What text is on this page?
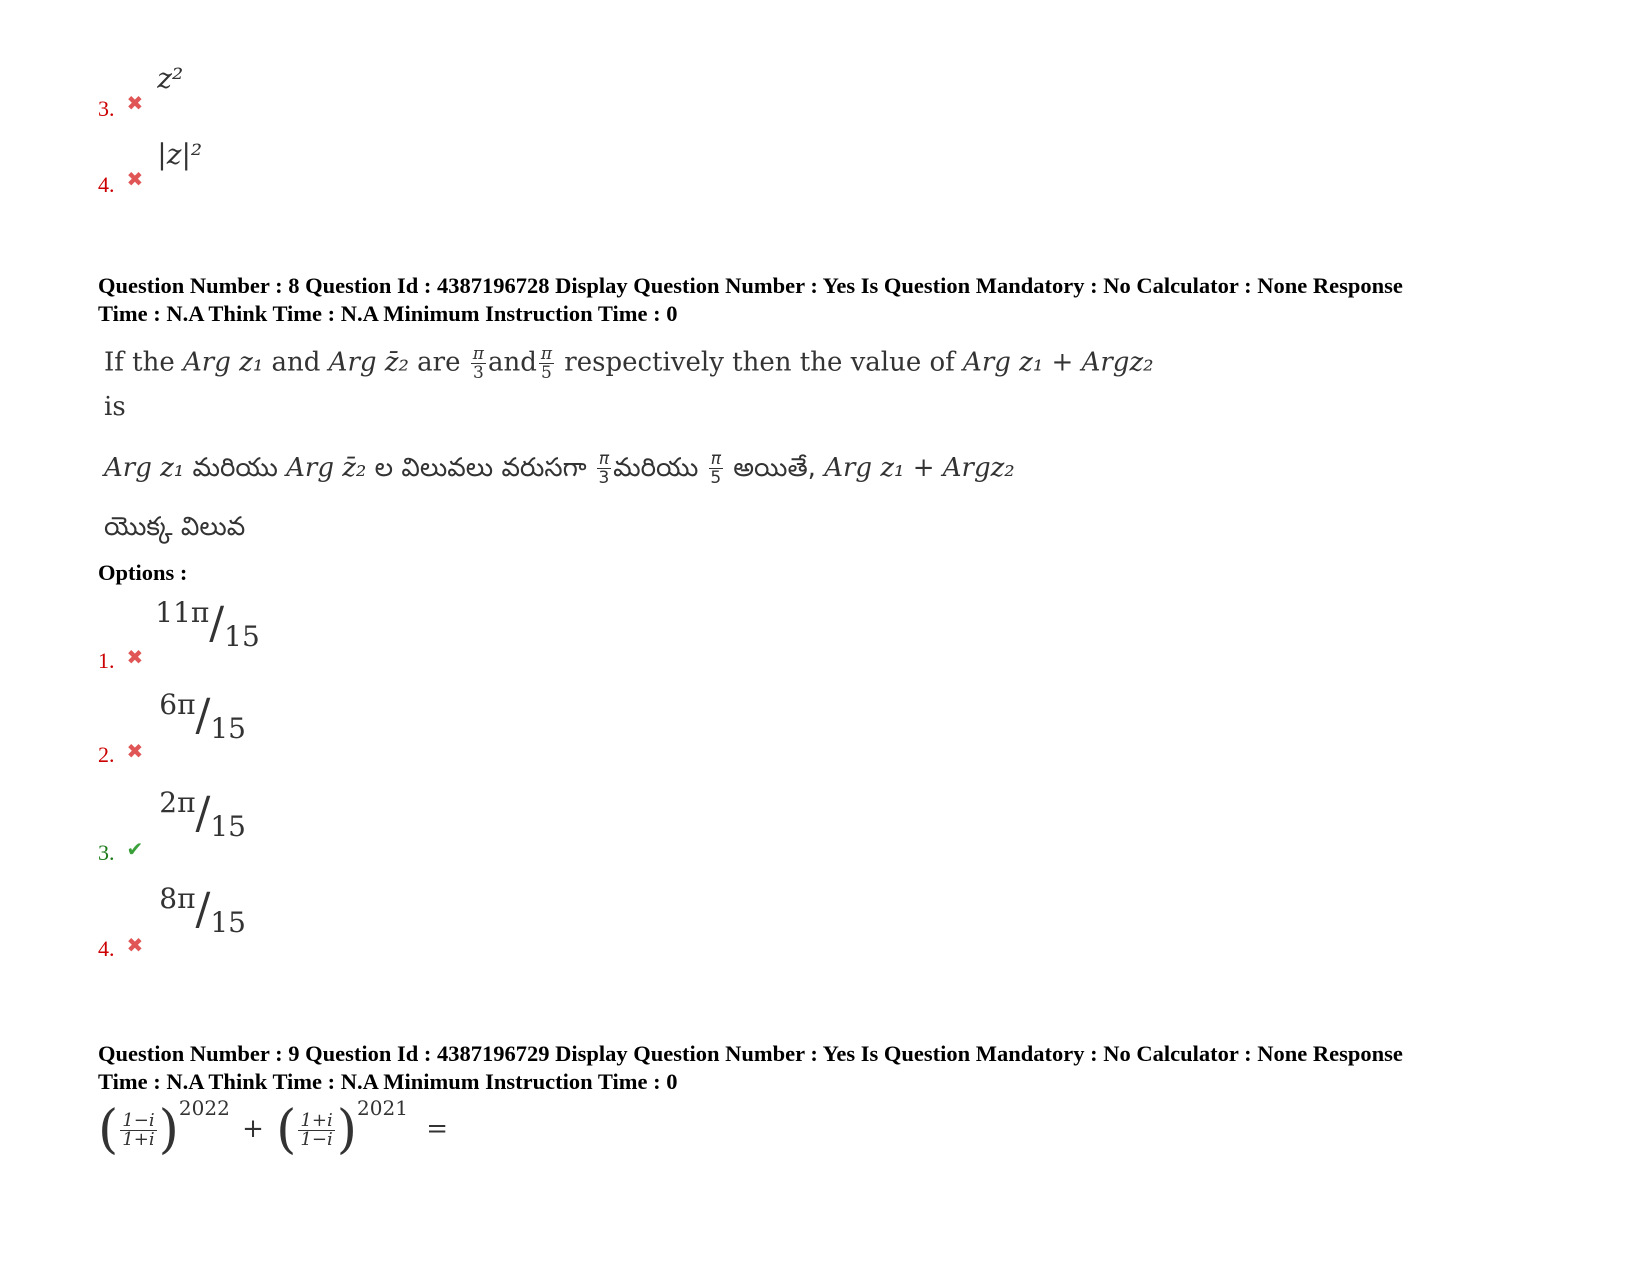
3. ✖ z²
4. ✖ |z|²
Question Number : 8 Question Id : 4387196728 Display Question Number : Yes Is Question Mandatory : No Calculator : None Response
Time : N.A Think Time : N.A Minimum Instruction Time : 0
If the Arg z₁ and Arg z̄₂ are $\frac{\pi}{3}$ and $\frac{\pi}{5}$ respectively then the value of Arg z₁ + Argz₂
is
Arg z₁ మరియు Arg z̄₂ ల విలువలు వరుసగా $\frac{\pi}{3}$ మరియు $\frac{\pi}{5}$ అయితే, Arg z₁ + Argz₂
యొక్క విలువ
Options :
1. ✖ 11π/15
2. ✖ 6π/15
3. ✔ 2π/15
4. ✖ 8π/15
Question Number : 9 Question Id : 4387196729 Display Question Number : Yes Is Question Mandatory : No Calculator : None Response
Time : N.A Think Time : N.A Minimum Instruction Time : 0
( $\frac{1-i}{1+i} )^{2022}$ + ( $\frac{1+i}{1-i} )^{2021}$ =
